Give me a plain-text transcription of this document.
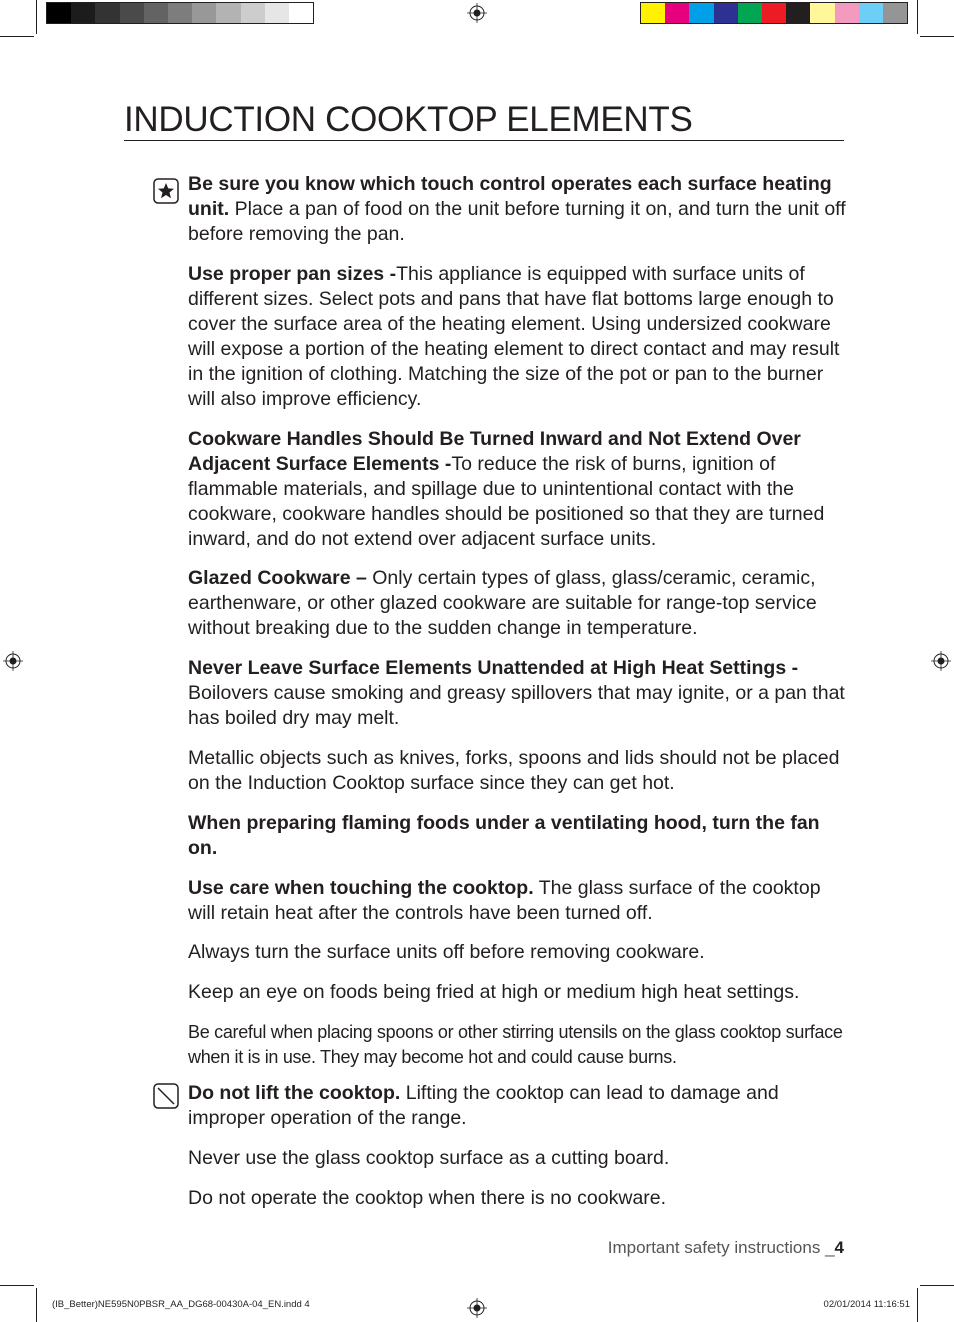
INDUCTION COOKTOP ELEMENTS

Be sure you know which touch control operates each surface heating unit. Place a pan of food on the unit before turning it on, and turn the unit off before removing the pan.

Use proper pan sizes -This appliance is equipped with surface units of different sizes. Select pots and pans that have flat bottoms large enough to cover the surface area of the heating element. Using undersized cookware will expose a portion of the heating element to direct contact and may result in the ignition of clothing. Matching the size of the pot or pan to the burner will also improve efficiency.

Cookware Handles Should Be Turned Inward and Not Extend Over Adjacent Surface Elements -To reduce the risk of burns, ignition of flammable materials, and spillage due to unintentional contact with the cookware, cookware handles should be positioned so that they are turned inward, and do not extend over adjacent surface units.

Glazed Cookware – Only certain types of glass, glass/ceramic, ceramic, earthenware, or other glazed cookware are suitable for range-top service without breaking due to the sudden change in temperature.

Never Leave Surface Elements Unattended at High Heat Settings - Boilovers cause smoking and greasy spillovers that may ignite, or a pan that has boiled dry may melt.

Metallic objects such as knives, forks, spoons and lids should not be placed on the Induction Cooktop surface since they can get hot.

When preparing flaming foods under a ventilating hood, turn the fan on.

Use care when touching the cooktop. The glass surface of the cooktop will retain heat after the controls have been turned off.

Always turn the surface units off before removing cookware.

Keep an eye on foods being fried at high or medium high heat settings.

Be careful when placing spoons or other stirring utensils on the glass cooktop surface when it is in use. They may become hot and could cause burns.

Do not lift the cooktop. Lifting the cooktop can lead to damage and improper operation of the range.

Never use the glass cooktop surface as a cutting board.

Do not operate the cooktop when there is no cookware.

Important safety instructions _4
(IB_Better)NE595N0PBSR_AA_DG68-00430A-04_EN.indd 4	02/01/2014 11:16:51
